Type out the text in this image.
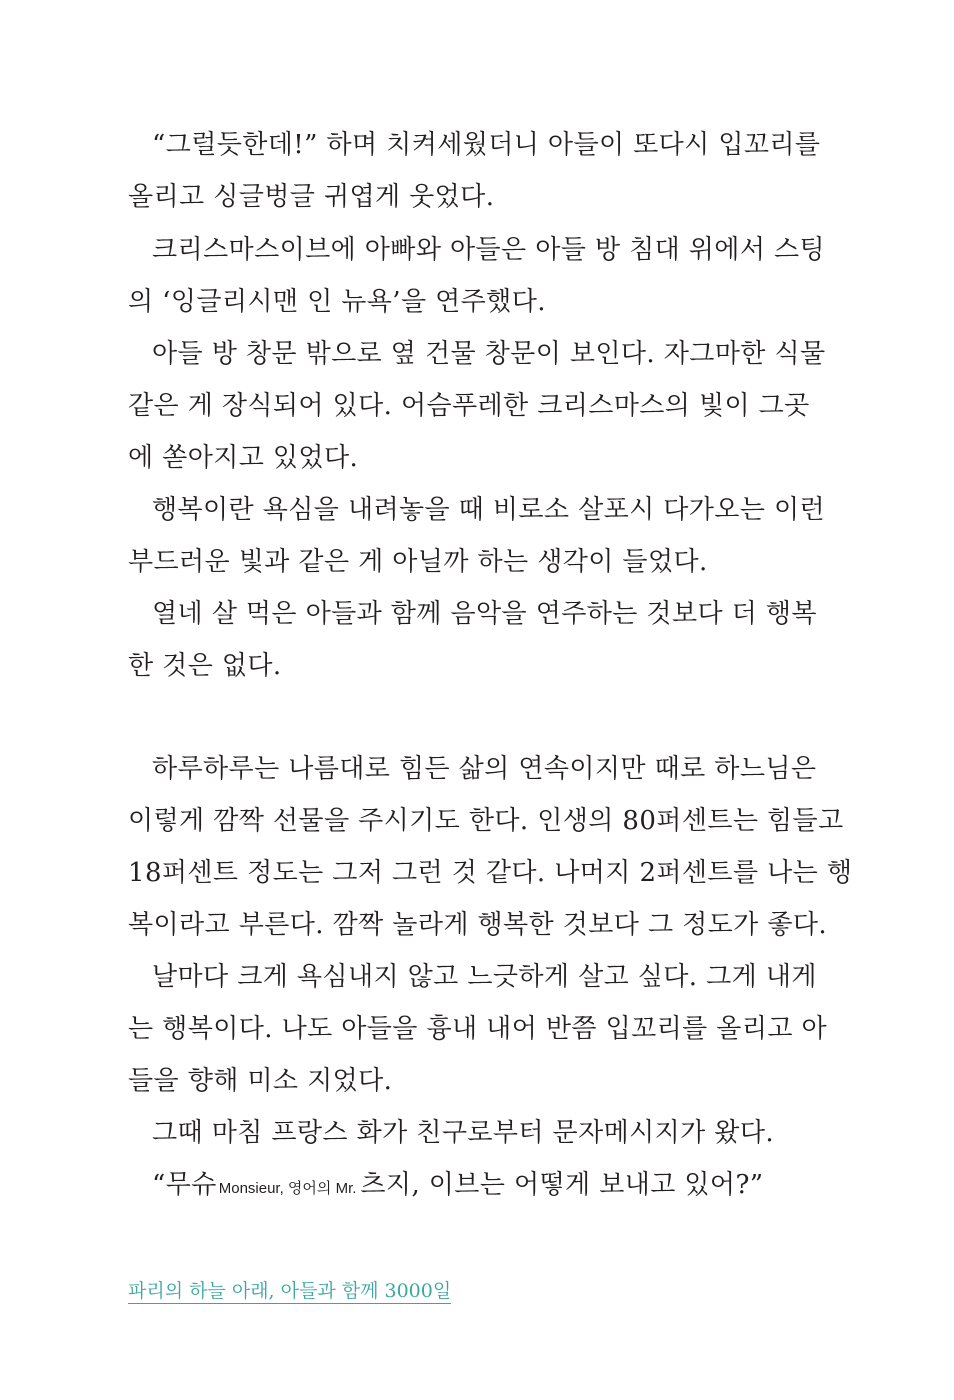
“그럴듯한데!” 하며 치켜세웠더니 아들이 또다시 입꼬리를
올리고 싱글벙글 귀엽게 웃었다.
크리스마스이브에 아빠와 아들은 아들 방 침대 위에서 스팅
의 ‘잉글리시맨 인 뉴욕’을 연주했다.
아들 방 창문 밖으로 옆 건물 창문이 보인다. 자그마한 식물
같은 게 장식되어 있다. 어슴푸레한 크리스마스의 빛이 그곳
에 쏟아지고 있었다.
행복이란 욕심을 내려놓을 때 비로소 살포시 다가오는 이런
부드러운 빛과 같은 게 아닐까 하는 생각이 들었다.
열네 살 먹은 아들과 함께 음악을 연주하는 것보다 더 행복
한 것은 없다.
하루하루는 나름대로 힘든 삶의 연속이지만 때로 하느님은
이렇게 깜짝 선물을 주시기도 한다. 인생의 80퍼센트는 힘들고
18퍼센트 정도는 그저 그런 것 같다. 나머지 2퍼센트를 나는 행
복이라고 부른다. 깜짝 놀라게 행복한 것보다 그 정도가 좋다.
날마다 크게 욕심내지 않고 느긋하게 살고 싶다. 그게 내게
는 행복이다. 나도 아들을 흉내 내어 반쯤 입꼬리를 올리고 아
들을 향해 미소 지었다.
그때 마침 프랑스 화가 친구로부터 문자메시지가 왔다.
“무슈 Monsieur, 영어의 Mr. 츠지, 이브는 어떻게 보내고 있어?”
파리의 하늘 아래, 아들과 함께 3000일
